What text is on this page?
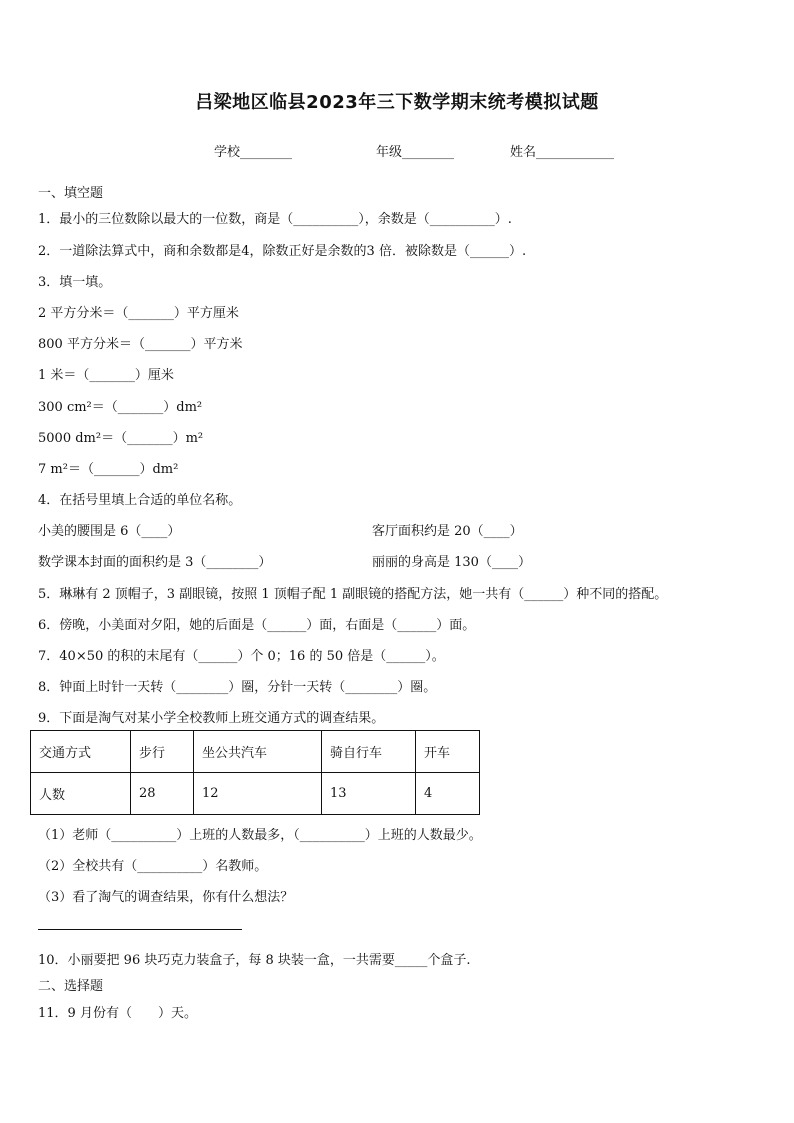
吕梁地区临县2023年三下数学期末统考模拟试题
学校________	年级________	姓名____________
一、填空题
1．最小的三位数除以最大的一位数，商是（__________），余数是（__________）.
2．一道除法算式中，商和余数都是4，除数正好是余数的3 倍．被除数是（______）.
3．填一填。
2 平方分米＝（_______）平方厘米
800 平方分米＝（_______）平方米
1 米＝（_______）厘米
300 cm²＝（_______）dm²
5000 dm²＝（_______）m²
7 m²＝（_______）dm²
4．在括号里填上合适的单位名称。
小美的腰围是 6（____）
数学课本封面的面积约是 3（________）
客厅面积约是 20（____）
丽丽的身高是 130（____）
5．琳琳有 2 顶帽子，3 副眼镜，按照 1 顶帽子配 1 副眼镜的搭配方法，她一共有（______）种不同的搭配。
6．傍晚，小美面对夕阳，她的后面是（______）面，右面是（______）面。
7．40×50 的积的末尾有（______）个 0；16 的 50 倍是（______）。
8．钟面上时针一天转（________）圈，分针一天转（________）圈。
9．下面是淘气对某小学全校教师上班交通方式的调查结果。
交通方式	步行	坐公共汽车	骑自行车	开车
人数	28	12	13	4
（1）老师（__________）上班的人数最多，（__________）上班的人数最少。
（2）全校共有（__________）名教师。
（3）看了淘气的调查结果，你有什么想法？
10．小丽要把 96 块巧克力装盒子，每 8 块装一盒，一共需要_____个盒子.
二、选择题
11．9 月份有（　　）天。
